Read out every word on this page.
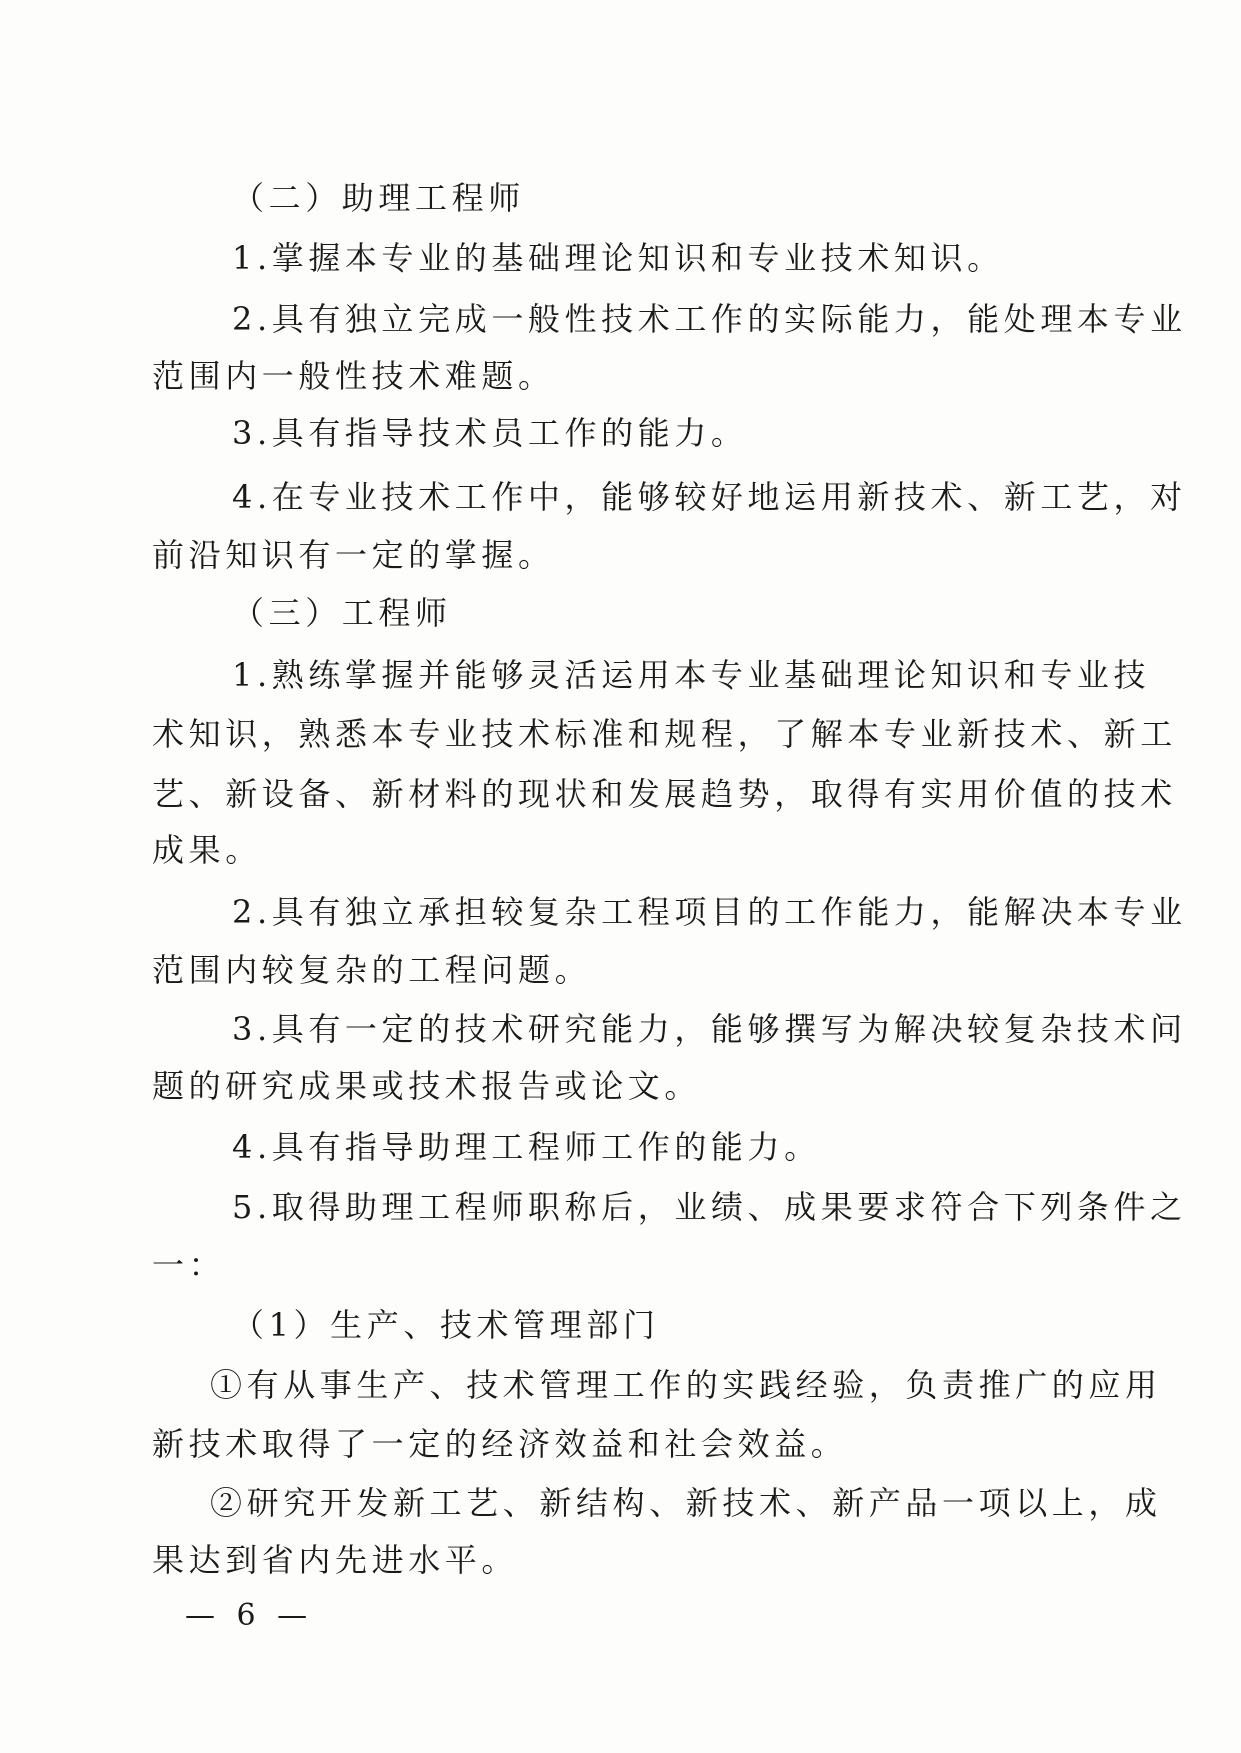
（二）助理工程师
1.掌握本专业的基础理论知识和专业技术知识。
2.具有独立完成一般性技术工作的实际能力，能处理本专业
范围内一般性技术难题。
3.具有指导技术员工作的能力。
4.在专业技术工作中，能够较好地运用新技术、新工艺，对
前沿知识有一定的掌握。
（三）工程师
1.熟练掌握并能够灵活运用本专业基础理论知识和专业技
术知识，熟悉本专业技术标准和规程，了解本专业新技术、新工
艺、新设备、新材料的现状和发展趋势，取得有实用价值的技术
成果。
2.具有独立承担较复杂工程项目的工作能力，能解决本专业
范围内较复杂的工程问题。
3.具有一定的技术研究能力，能够撰写为解决较复杂技术问
题的研究成果或技术报告或论文。
4.具有指导助理工程师工作的能力。
5.取得助理工程师职称后，业绩、成果要求符合下列条件之
一：
（1）生产、技术管理部门
①有从事生产、技术管理工作的实践经验，负责推广的应用
新技术取得了一定的经济效益和社会效益。
②研究开发新工艺、新结构、新技术、新产品一项以上，成
果达到省内先进水平。
— 6 —
